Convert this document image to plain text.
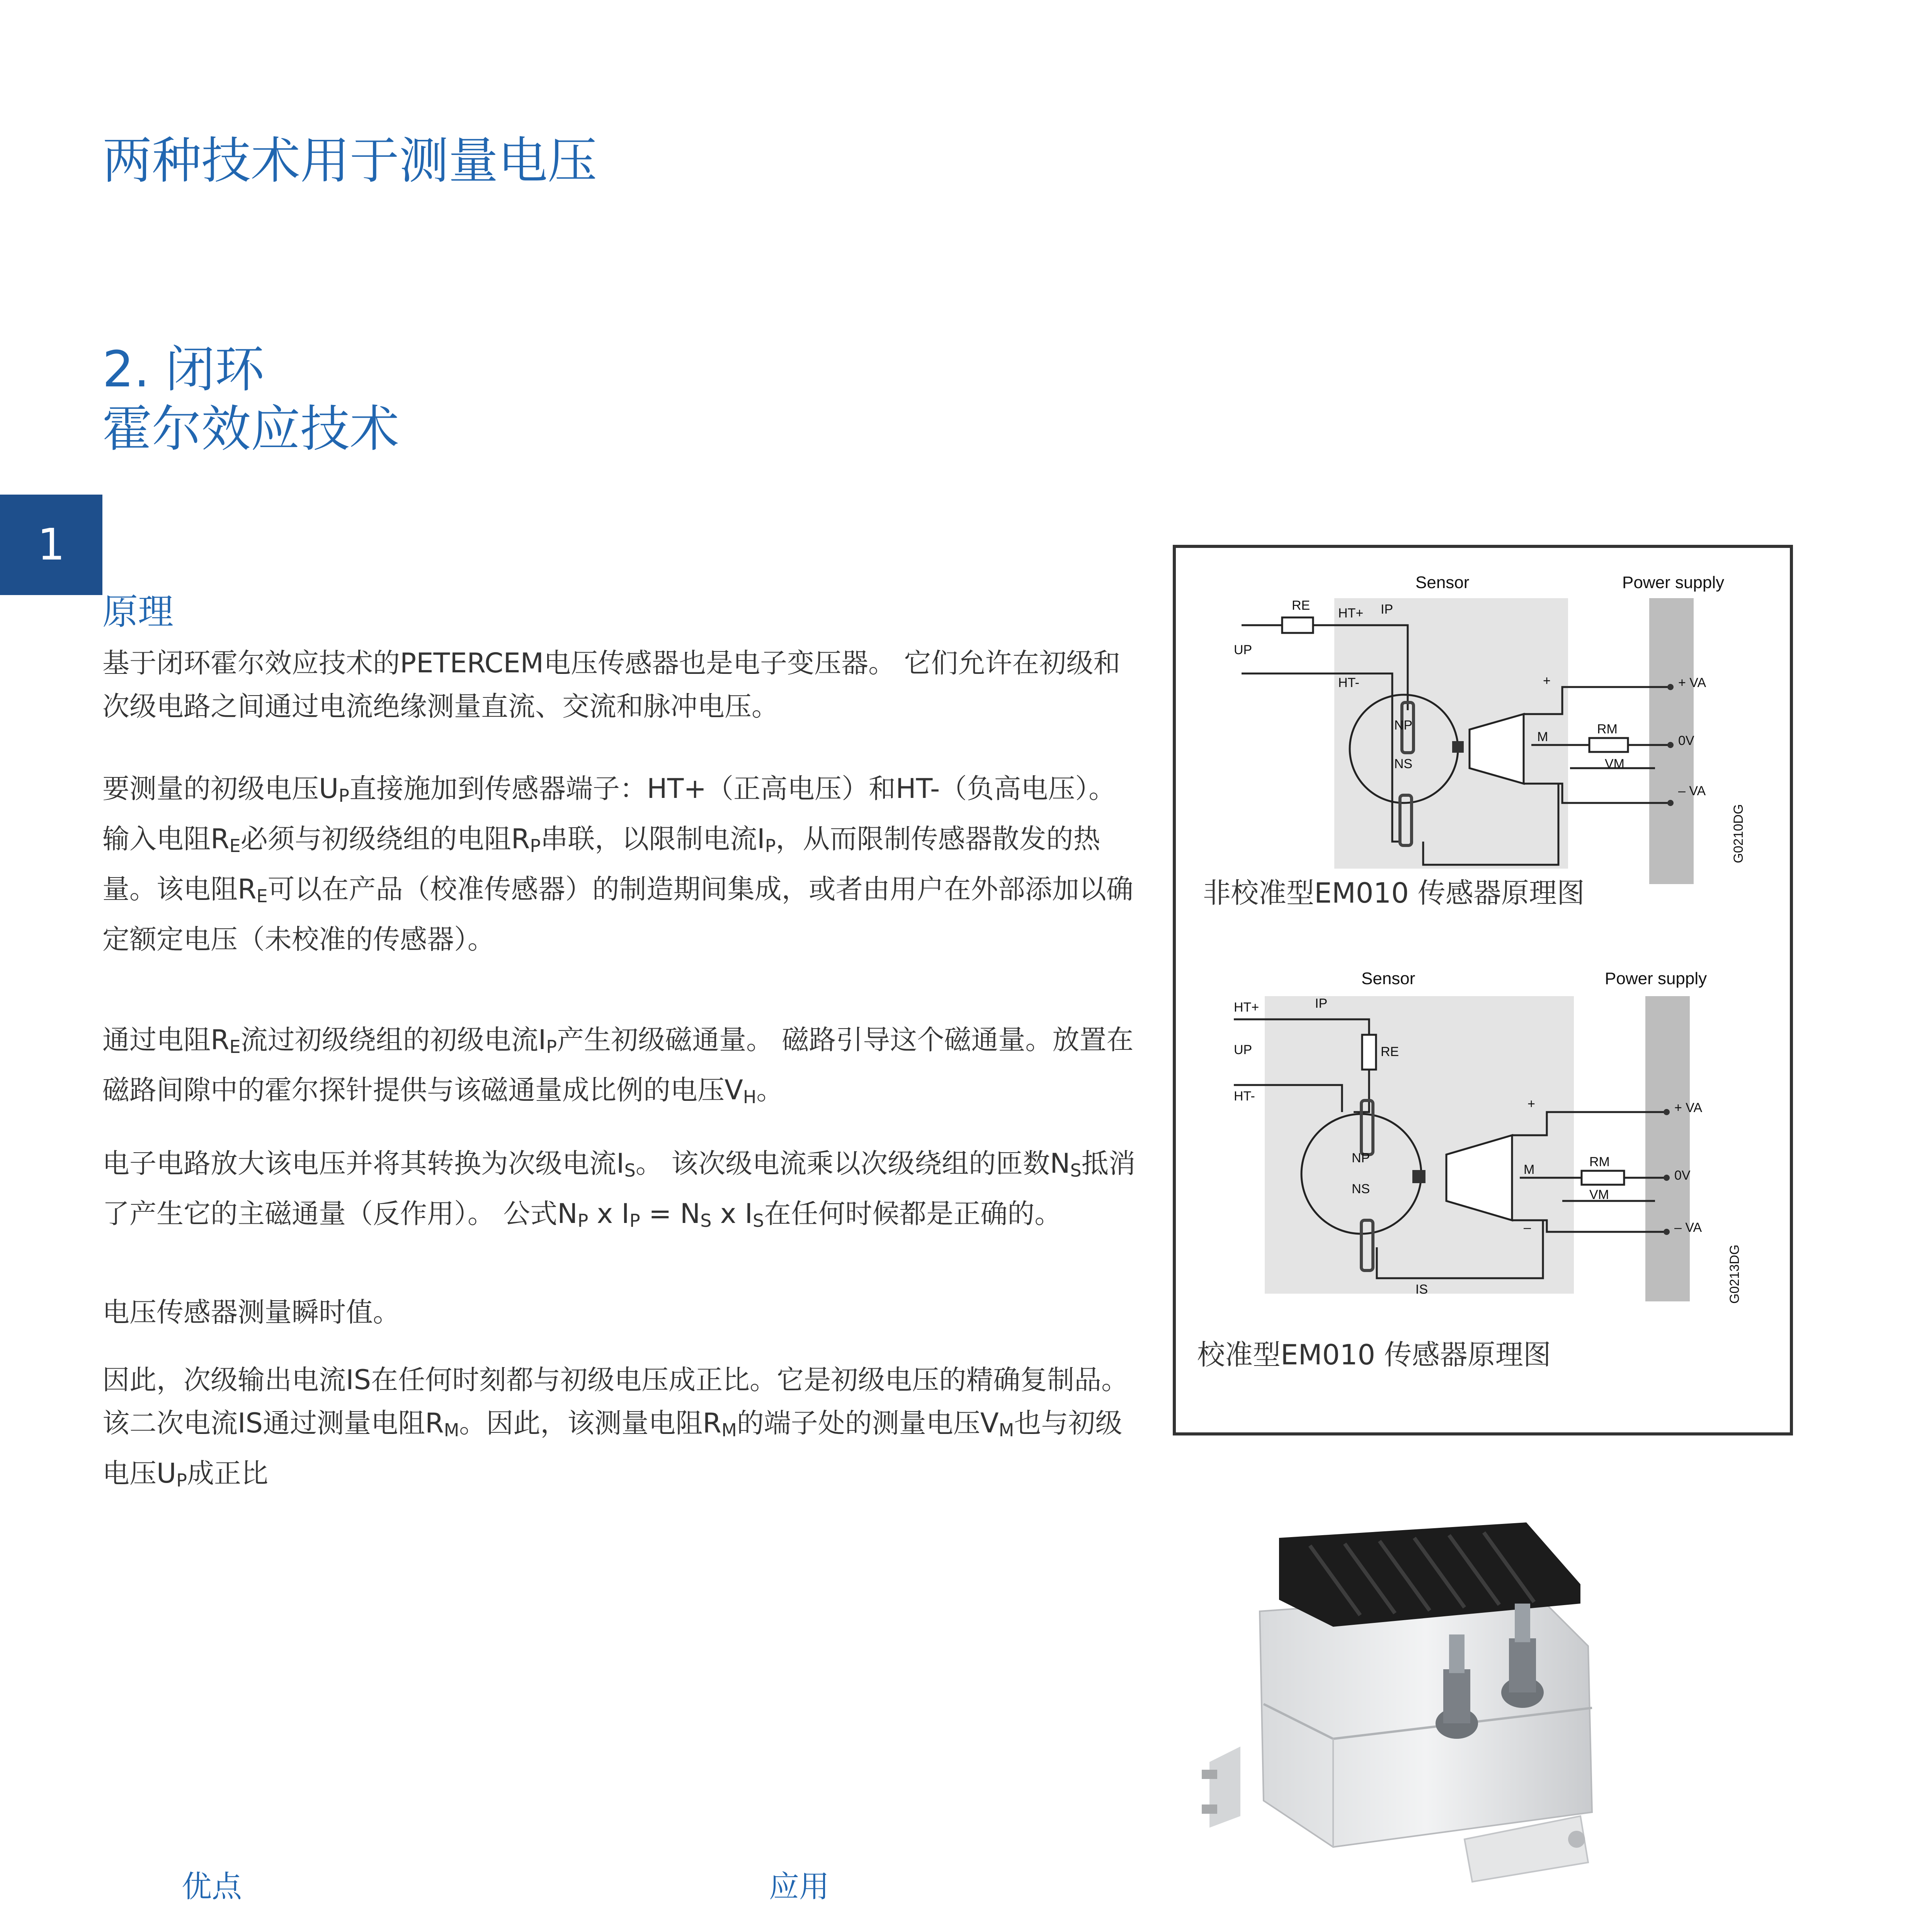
两种技术用于测量电压
2. 闭环
霍尔效应技术
1
原理
基于闭环霍尔效应技术的PETERCEM电压传感器也是电子变压器。 它们允许在初级和次级电路之间通过电流绝缘测量直流、交流和脉冲电压。
要测量的初级电压$U_P$直接施加到传感器端子：HT+（正高电压）和HT-（负高电压）。输入电阻$R_E$必须与初级绕组的电阻$R_P$串联，以限制电流$I_P$，从而限制传感器散发的热量。该电阻$R_E$可以在产品（校准传感器）的制造期间集成，或者由用户在外部添加以确定额定电压（未校准的传感器）。
通过电阻$R_E$流过初级绕组的初级电流$I_P$产生初级磁通量。 磁路引导这个磁通量。放置在磁路间隙中的霍尔探针提供与该磁通量成比例的电压$V_H$。
电子电路放大该电压并将其转换为次级电流$I_S$。 该次级电流乘以次级绕组的匝数$N_S$抵消了产生它的主磁通量（反作用）。 公式$N_P$ x $I_P = N_S$ x $I_S$在任何时候都是正确的。
电压传感器测量瞬时值。
因此，次级输出电流IS在任何时刻都与初级电压成正比。它是初级电压的精确复制品。该二次电流IS通过测量电阻$R_M$。因此，该测量电阻$R_M$的端子处的测量电压$V_M$也与初级电压$U_P$成正比
Sensor	Power supply
RE
HT+ IP
UP
HT-
NP
NS
+
M
RM
VM
+ VA
0V
– VA
G0210DG
非校准型EM010 传感器原理图
Sensor	Power supply
HT+	IP
UP	RE
HT-
NP
NS
+
M
RM
VM
–
IS
+ VA
0V
– VA
G0213DG
校准型EM010 传感器原理图
优点	应用
